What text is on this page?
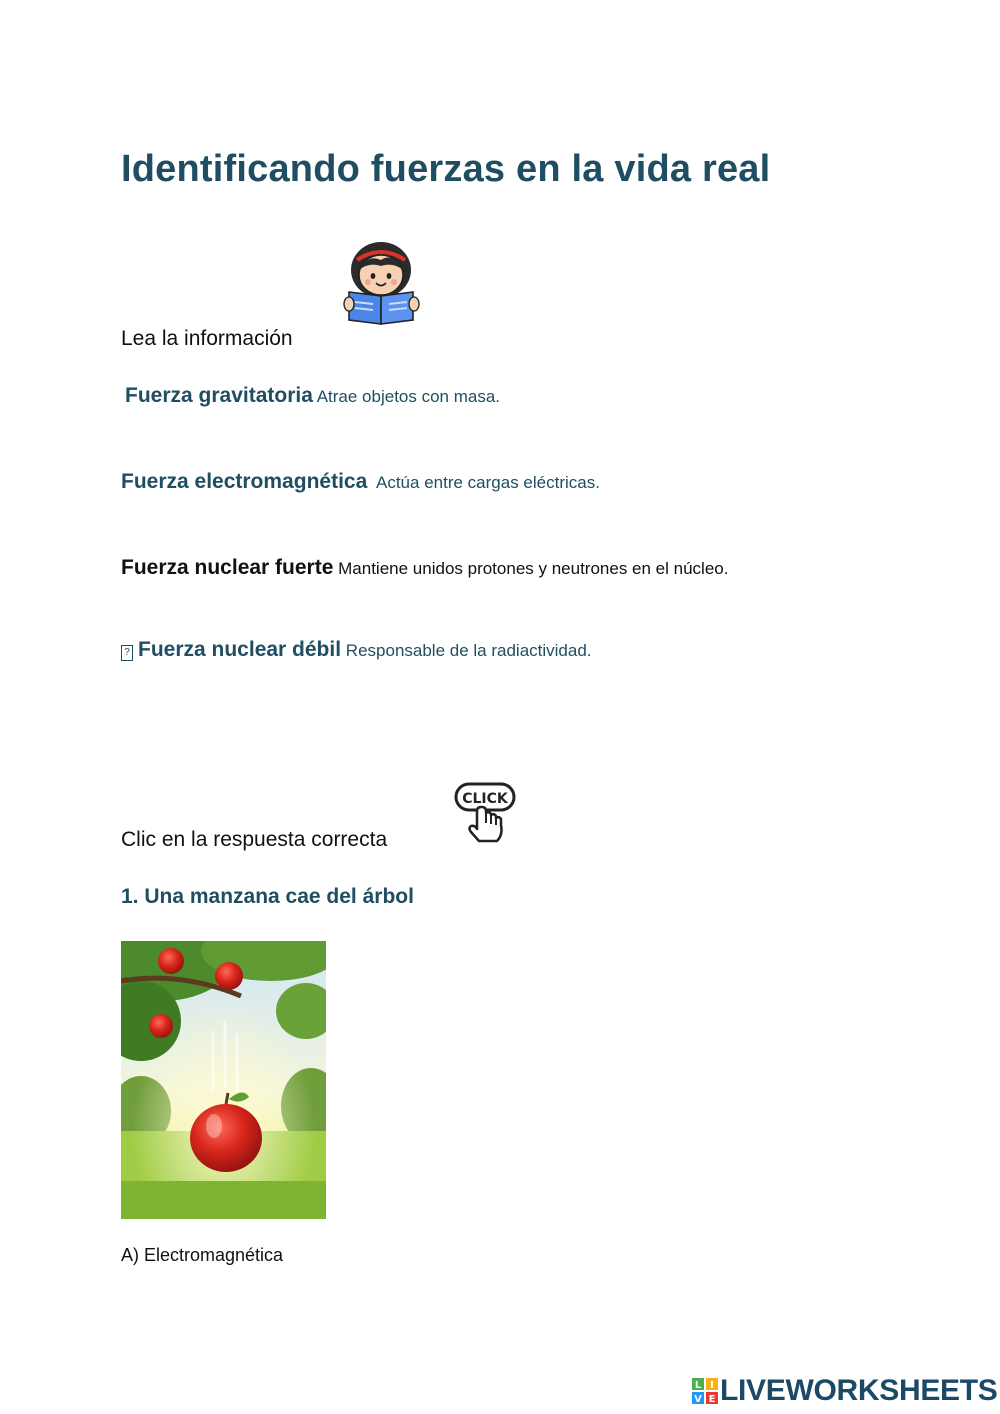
Identificando fuerzas en la vida real
Lea la información
Fuerza gravitatoria Atrae objetos con masa.
Fuerza electromagnética Actúa entre cargas eléctricas.
Fuerza nuclear fuerte Mantiene unidos protones y neutrones en el núcleo.
? Fuerza nuclear débil Responsable de la radiactividad.
CLICK
Clic en la respuesta correcta
1. Una manzana cae del árbol
A) Electromagnética
L I
V E LIVEWORKSHEETS
